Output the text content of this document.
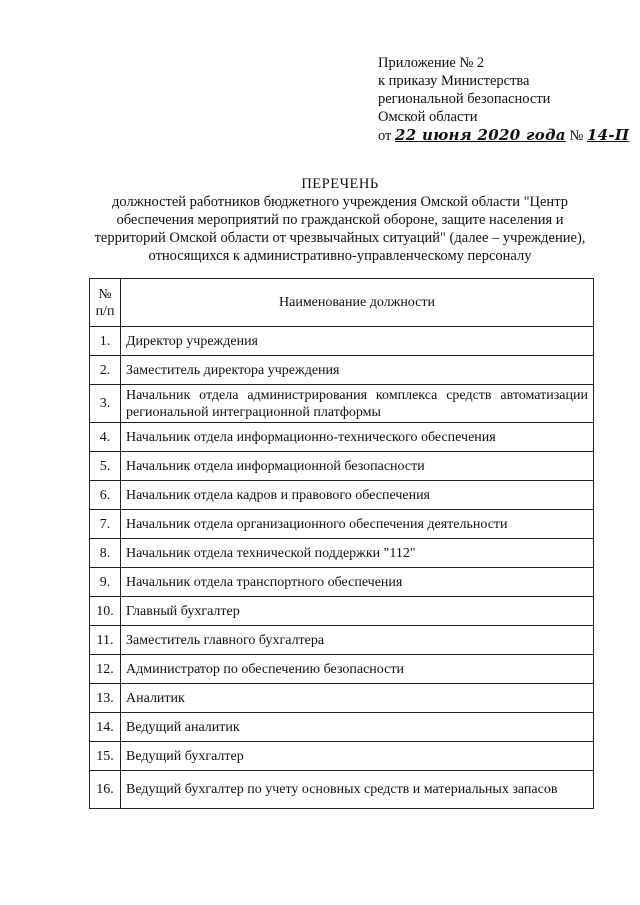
Приложение № 2
к приказу Министерства
региональной безопасности
Омской области
от 22 июня 2020 года № 14-П
ПЕРЕЧЕНЬ
должностей работников бюджетного учреждения Омской области "Центр
обеспечения мероприятий по гражданской обороне, защите населения и
территорий Омской области от чрезвычайных ситуаций" (далее – учреждение),
относящихся к административно-управленческому персоналу
№
п/п	Наименование должности
1.	Директор учреждения
2.	Заместитель директора учреждения
3.	Начальник отдела администрирования комплекса средств автоматизации региональной интеграционной платформы
4.	Начальник отдела информационно-технического обеспечения
5.	Начальник отдела информационной безопасности
6.	Начальник отдела кадров и правового обеспечения
7.	Начальник отдела организационного обеспечения деятельности
8.	Начальник отдела технической поддержки "112"
9.	Начальник отдела транспортного обеспечения
10.	Главный бухгалтер
11.	Заместитель главного бухгалтера
12.	Администратор по обеспечению безопасности
13.	Аналитик
14.	Ведущий аналитик
15.	Ведущий бухгалтер
16.	Ведущий бухгалтер по учету основных средств и материальных запасов
